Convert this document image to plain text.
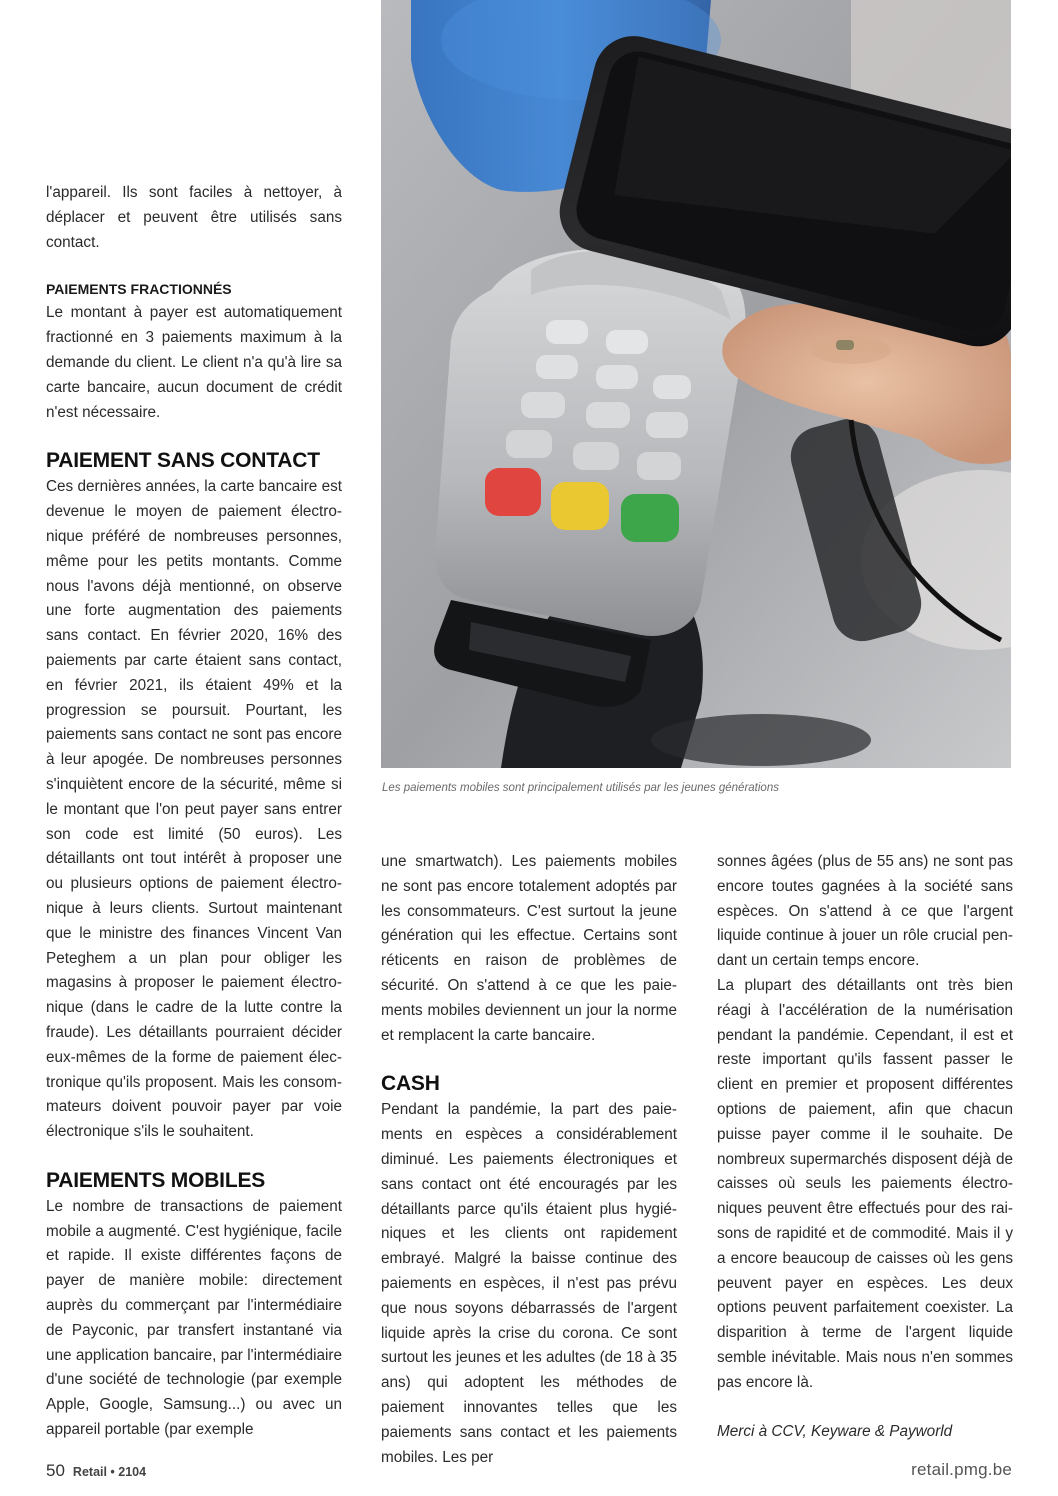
l'appareil. Ils sont faciles à nettoyer, à déplacer et peuvent être utilisés sans contact.

PAIEMENTS FRACTIONNÉS

Le montant à payer est automatiquement fractionné en 3 paiements maximum à la demande du client. Le client n'a qu'à lire sa carte bancaire, aucun document de crédit n'est nécessaire.

PAIEMENT SANS CONTACT

Ces dernières années, la carte bancaire est devenue le moyen de paiement électronique préféré de nombreuses personnes, même pour les petits montants. Comme nous l'avons déjà mentionné, on observe une forte augmentation des paiements sans contact. En février 2020, 16% des paiements par carte étaient sans contact, en février 2021, ils étaient 49% et la progression se poursuit. Pourtant, les paiements sans contact ne sont pas encore à leur apogée. De nombreuses personnes s'inquiètent encore de la sécurité, même si le montant que l'on peut payer sans entrer son code est limité (50 euros). Les détaillants ont tout intérêt à proposer une ou plusieurs options de paiement électronique à leurs clients. Surtout maintenant que le ministre des finances Vincent Van Peteghem a un plan pour obliger les magasins à proposer le paiement électronique (dans le cadre de la lutte contre la fraude). Les détaillants pourraient décider eux-mêmes de la forme de paiement électronique qu'ils proposent. Mais les consommateurs doivent pouvoir payer par voie électronique s'ils le souhaitent.

PAIEMENTS MOBILES

Le nombre de transactions de paiement mobile a augmenté. C'est hygiénique, facile et rapide. Il existe différentes façons de payer de manière mobile: directement auprès du commerçant par l'intermédiaire de Payconic, par transfert instantané via une application bancaire, par l'intermédiaire d'une société de technologie (par exemple Apple, Google, Samsung...) ou avec un appareil portable (par exemple

Les paiements mobiles sont principalement utilisés par les jeunes générations

une smartwatch). Les paiements mobiles ne sont pas encore totalement adoptés par les consommateurs. C'est surtout la jeune génération qui les effectue. Certains sont réticents en raison de problèmes de sécurité. On s'attend à ce que les paiements mobiles deviennent un jour la norme et remplacent la carte bancaire.

CASH

Pendant la pandémie, la part des paiements en espèces a considérablement diminué. Les paiements électroniques et sans contact ont été encouragés par les détaillants parce qu'ils étaient plus hygiéniques et les clients ont rapidement embrayé. Malgré la baisse continue des paiements en espèces, il n'est pas prévu que nous soyons débarrassés de l'argent liquide après la crise du corona. Ce sont surtout les jeunes et les adultes (de 18 à 35 ans) qui adoptent les méthodes de paiement innovantes telles que les paiements sans contact et les paiements mobiles. Les per

sonnes âgées (plus de 55 ans) ne sont pas encore toutes gagnées à la société sans espèces. On s'attend à ce que l'argent liquide continue à jouer un rôle crucial pendant un certain temps encore.

La plupart des détaillants ont très bien réagi à l'accélération de la numérisation pendant la pandémie. Cependant, il est et reste important qu'ils fassent passer le client en premier et proposent différentes options de paiement, afin que chacun puisse payer comme il le souhaite. De nombreux supermarchés disposent déjà de caisses où seuls les paiements électroniques peuvent être effectués pour des raisons de rapidité et de commodité. Mais il y a encore beaucoup de caisses où les gens peuvent payer en espèces. Les deux options peuvent parfaitement coexister. La disparition à terme de l'argent liquide semble inévitable. Mais nous n'en sommes pas encore là.

Merci à CCV, Keyware & Payworld

50 Retail • 2104	retail.pmg.be
